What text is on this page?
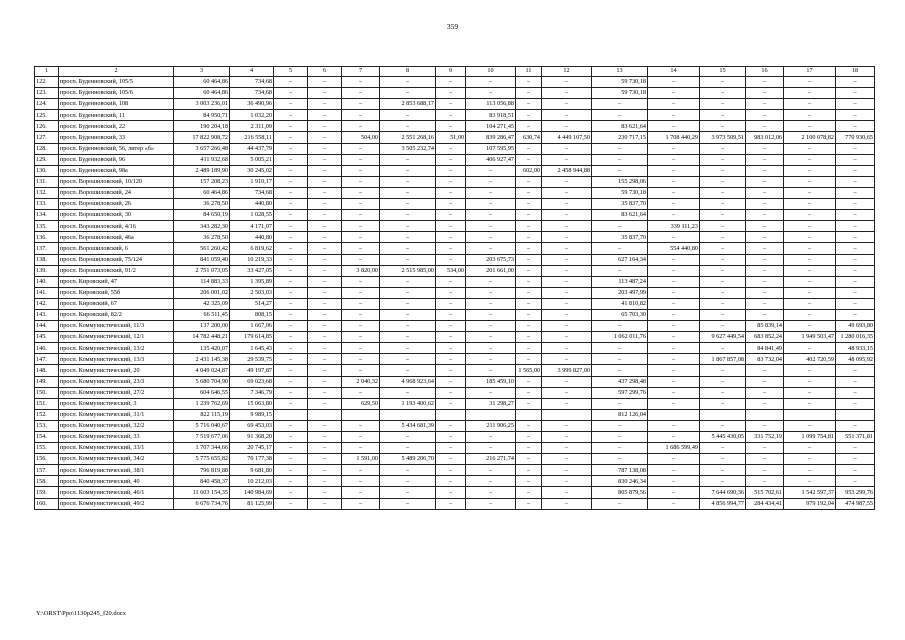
359
1	2	3	4	5	6	7	8	9	10	11	12	13	14	15	16	17	18
122.	просп. Буденновский, 105/5	60 464,86	734,68	–	–	–	–	–	–	–	–	59 730,18	–	–	–	–	–
123.	просп. Буденновский, 105/6	60 464,86	734,68	–	–	–	–	–	–	–	–	59 730,18	–	–	–	–	–
124.	просп. Буденновский, 108	3 003 236,01	36 490,96	–	–	–	2 853 688,17	–	113 056,88	–	–	–	–	–	–	–	–
125.	просп. Буденновский, 11	84 950,71	1 032,20	–	–	–	–	–	83 918,51	–	–	–	–	–	–	–	–
126.	просп. Буденновский, 22	190 204,18	2 311,09	–	–	–	–	–	104 271,45	–	–	83 621,64	–	–	–	–	–
127.	просп. Буденновский, 33	17 822 908,72	216 558,11	–	–	504,00	2 551 268,16	51,00	839 286,47	630,74	4 449 107,50	230 717,15	1 708 440,29	3 973 509,51	983 012,06	2 100 078,82	770 930,65
128.	просп. Буденновский, 56, литер «б»	3 657 266,48	44 437,79	–	–	–	3 505 232,74	–	107 595,95	–	–	–	–	–	–	–	–
129.	просп. Буденновский, 96	411 932,68	5 005,21	–	–	–	–	–	406 927,47	–	–	–	–	–	–	–	–
130.	просп. Буденновский, 98а	2 489 189,90	30 245,02	–	–	–	–	–	–	602,00	2 458 944,88	–	–	–	–	–	–
131.	просп. Ворошиловский, 10/120	157 208,23	1 910,17	–	–	–	–	–	–	–	–	155 298,06	–	–	–	–	–
132.	просп. Ворошиловский, 24	60 464,86	734,68	–	–	–	–	–	–	–	–	59 730,18	–	–	–	–	–
133.	просп. Ворошиловский, 26	36 278,50	440,80	–	–	–	–	–	–	–	–	35 837,70	–	–	–	–	–
134.	просп. Ворошиловский, 30	84 650,19	1 028,55	–	–	–	–	–	–	–	–	83 621,64	–	–	–	–	–
135.	просп. Ворошиловский, 4/16	343 282,30	4 171,07	–	–	–	–	–	–	–	–	–	339 111,23	–	–	–	–
136.	просп. Ворошиловский, 46а	36 278,50	440,80	–	–	–	–	–	–	–	–	35 837,70	–	–	–	–	–
137.	просп. Ворошиловский, 6	561 260,42	6 819,62	–	–	–	–	–	–	–	–	–	554 440,80	–	–	–	–
138.	просп. Ворошиловский, 75/124	841 059,40	10 219,33	–	–	–	–	–	203 675,73	–	–	627 164,34	–	–	–	–	–
139.	просп. Ворошиловский, 91/2	2 751 073,05	33 427,05	–	–	3 820,00	2 515 985,00	534,00	201 661,00	–	–	–	–	–	–	–	–
140.	просп. Кировский, 47	114 883,33	1 395,89	–	–	–	–	–	–	–	–	113 487,24	–	–	–	–	–
141.	просп. Кировский, 55б	206 001,02	2 503,03	–	–	–	–	–	–	–	–	203 497,99	–	–	–	–	–
142.	просп. Кировский, 67	42 325,09	514,27	–	–	–	–	–	–	–	–	41 810,82	–	–	–	–	–
143.	просп. Кировский, 82/2	66 511,45	808,15	–	–	–	–	–	–	–	–	65 703,30	–	–	–	–	–
144.	просп. Коммунистический, 11/3	137 200,00	1 667,06	–	–	–	–	–	–	–	–	–	–	–	85 839,14	–	49 693,80
145.	просп. Коммунистический, 12/1	14 782 448,21	179 614,85	–	–	–	–	–	–	–	–	1 062 011,76	–	9 627 449,54	683 852,24	1 949 503,47	1 280 016,35
146.	просп. Коммунистический, 13/2	135 420,07	1 645,43	–	–	–	–	–	–	–	–	–	–	–	84 841,49	–	48 933,15
147.	просп. Коммунистический, 13/3	2 431 145,38	29 539,75	–	–	–	–	–	–	–	–	–	–	1 867 857,08	83 732,04	402 720,59	48 095,92
148.	просп. Коммунистический, 20	4 049 024,87	49 197,87	–	–	–	–	–	–	1 565,00	3 999 827,00	–	–	–	–	–	–
149.	просп. Коммунистический, 23/3	5 680 704,90	69 023,68	–	–	2 040,32	4 968 923,64	–	185 459,10	–	–	437 298,48	–	–	–	–	–
150.	просп. Коммунистический, 27/2	604 646,55	7 346,79	–	–	–	–	–	–	–	–	597 299,76	–	–	–	–	–
151.	просп. Коммунистический, 3	1 239 762,69	15 063,80	–	–	629,50	1 193 400,62	–	31 298,27	–	–	–	–	–	–	–	–
152.	просп. Коммунистический, 31/1	822 115,19	9 989,15									812 126,04					
153.	просп. Коммунистический, 32/2	5 716 040,67	69 453,03	–	–	–	5 434 681,39	–	211 906,25	–	–	–	–	–	–	–	–
154.	просп. Коммунистический, 33	7 519 677,06	91 368,20	–	–	–	–	–	–	–	–	–	–	5 445 430,05	331 752,19	1 099 754,81	551 371,81
155.	просп. Коммунистический, 33/1	1 707 344,66	20 745,17	–	–	–	–	–	–	–	–	–	1 686 599,49	–	–	–	–
156.	просп. Коммунистический, 34/2	5 775 655,82	70 177,38	–	–	1 591,00	5 489 206,70	–	216 271,74	–	–	–	–	–	–	–	–
157.	просп. Коммунистический, 38/1	796 819,88	9 681,80	–	–	–	–	–	–	–	–	787 138,08	–	–	–	–	–
158.	просп. Коммунистический, 40	840 458,37	10 212,03	–	–	–	–	–	–	–	–	830 246,34	–	–	–	–	–
159.	просп. Коммунистический, 46/1	11 603 154,35	140 984,69	–	–	–	–	–	–	–	–	805 879,56	–	7 644 690,36	515 702,61	1 542 597,37	953 299,76
160.	просп. Коммунистический, 49/2	6 676 734,76	81 125,99	–	–	–	–	–	–	–	–	–	–	4 856 994,77	284 434,41	979 192,04	474 987,55
Y:\ORST\Ppo\1130p245_f20.docx
